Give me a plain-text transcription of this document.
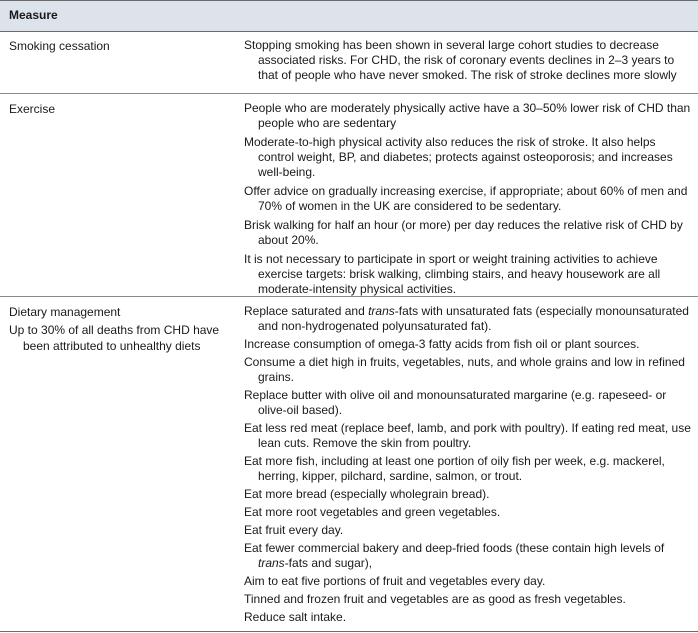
Measure
Smoking cessation	Stopping smoking has been shown in several large cohort studies to decrease associated risks. For CHD, the risk of coronary events declines in 2–3 years to that of people who have never smoked. The risk of stroke declines more slowly
Exercise	People who are moderately physically active have a 30–50% lower risk of CHD than people who are sedentary
Moderate-to-high physical activity also reduces the risk of stroke. It also helps control weight, BP, and diabetes; protects against osteoporosis; and increases well-being.
Offer advice on gradually increasing exercise, if appropriate; about 60% of men and 70% of women in the UK are considered to be sedentary.
Brisk walking for half an hour (or more) per day reduces the relative risk of CHD by about 20%.
It is not necessary to participate in sport or weight training activities to achieve exercise targets: brisk walking, climbing stairs, and heavy housework are all moderate-intensity physical activities.
Dietary management
Up to 30% of all deaths from CHD have been attributed to unhealthy diets
Replace saturated and trans-fats with unsaturated fats (especially monounsaturated and non-hydrogenated polyunsaturated fat).
Increase consumption of omega-3 fatty acids from fish oil or plant sources.
Consume a diet high in fruits, vegetables, nuts, and whole grains and low in refined grains.
Replace butter with olive oil and monounsaturated margarine (e.g. rapeseed- or olive-oil based).
Eat less red meat (replace beef, lamb, and pork with poultry). If eating red meat, use lean cuts. Remove the skin from poultry.
Eat more fish, including at least one portion of oily fish per week, e.g. mackerel, herring, kipper, pilchard, sardine, salmon, or trout.
Eat more bread (especially wholegrain bread).
Eat more root vegetables and green vegetables.
Eat fruit every day.
Eat fewer commercial bakery and deep-fried foods (these contain high levels of trans-fats and sugar),
Aim to eat five portions of fruit and vegetables every day.
Tinned and frozen fruit and vegetables are as good as fresh vegetables.
Reduce salt intake.
